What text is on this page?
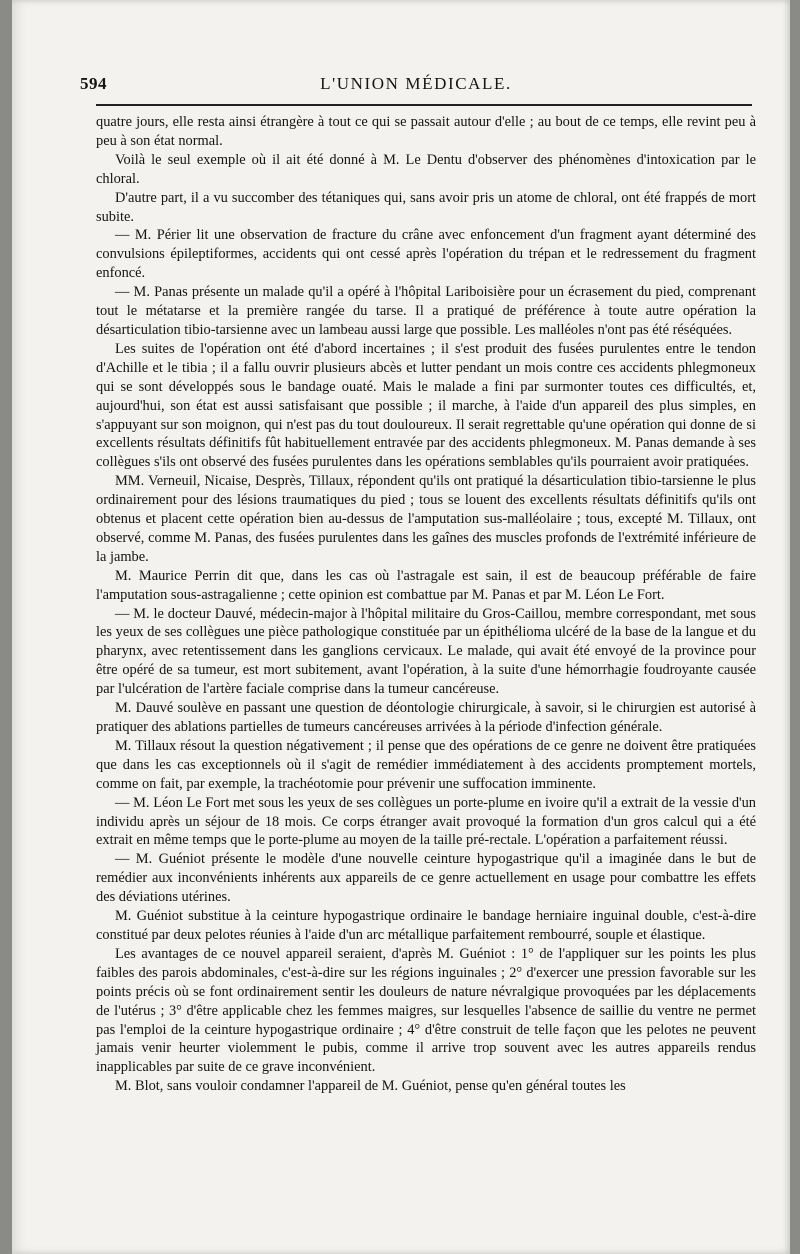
594	L'UNION MÉDICALE.

quatre jours, elle resta ainsi étrangère à tout ce qui se passait autour d'elle ; au bout de ce temps, elle revint peu à peu à son état normal.

Voilà le seul exemple où il ait été donné à M. Le Dentu d'observer des phénomènes d'intoxication par le chloral.

D'autre part, il a vu succomber des tétaniques qui, sans avoir pris un atome de chloral, ont été frappés de mort subite.

— M. Périer lit une observation de fracture du crâne avec enfoncement d'un fragment ayant déterminé des convulsions épileptiformes, accidents qui ont cessé après l'opération du trépan et le redressement du fragment enfoncé.

— M. Panas présente un malade qu'il a opéré à l'hôpital Lariboisière pour un écrasement du pied, comprenant tout le métatarse et la première rangée du tarse. Il a pratiqué de préférence à toute autre opération la désarticulation tibio-tarsienne avec un lambeau aussi large que possible. Les malléoles n'ont pas été réséquées.

Les suites de l'opération ont été d'abord incertaines ; il s'est produit des fusées purulentes entre le tendon d'Achille et le tibia ; il a fallu ouvrir plusieurs abcès et lutter pendant un mois contre ces accidents phlegmoneux qui se sont développés sous le bandage ouaté. Mais le malade a fini par surmonter toutes ces difficultés, et, aujourd'hui, son état est aussi satisfaisant que possible ; il marche, à l'aide d'un appareil des plus simples, en s'appuyant sur son moignon, qui n'est pas du tout douloureux. Il serait regrettable qu'une opération qui donne de si excellents résultats définitifs fût habituellement entravée par des accidents phlegmoneux. M. Panas demande à ses collègues s'ils ont observé des fusées purulentes dans les opérations semblables qu'ils pourraient avoir pratiquées.

MM. Verneuil, Nicaise, Desprès, Tillaux, répondent qu'ils ont pratiqué la désarticulation tibio-tarsienne le plus ordinairement pour des lésions traumatiques du pied ; tous se louent des excellents résultats définitifs qu'ils ont obtenus et placent cette opération bien au-dessus de l'amputation sus-malléolaire ; tous, excepté M. Tillaux, ont observé, comme M. Panas, des fusées purulentes dans les gaînes des muscles profonds de l'extrémité inférieure de la jambe.

M. Maurice Perrin dit que, dans les cas où l'astragale est sain, il est de beaucoup préférable de faire l'amputation sous-astragalienne ; cette opinion est combattue par M. Panas et par M. Léon Le Fort.

— M. le docteur Dauvé, médecin-major à l'hôpital militaire du Gros-Caillou, membre correspondant, met sous les yeux de ses collègues une pièce pathologique constituée par un épithélioma ulcéré de la base de la langue et du pharynx, avec retentissement dans les ganglions cervicaux. Le malade, qui avait été envoyé de la province pour être opéré de sa tumeur, est mort subitement, avant l'opération, à la suite d'une hémorrhagie foudroyante causée par l'ulcération de l'artère faciale comprise dans la tumeur cancéreuse.

M. Dauvé soulève en passant une question de déontologie chirurgicale, à savoir, si le chirurgien est autorisé à pratiquer des ablations partielles de tumeurs cancéreuses arrivées à la période d'infection générale.

M. Tillaux résout la question négativement ; il pense que des opérations de ce genre ne doivent être pratiquées que dans les cas exceptionnels où il s'agit de remédier immédiatement à des accidents promptement mortels, comme on fait, par exemple, la trachéotomie pour prévenir une suffocation imminente.

— M. Léon Le Fort met sous les yeux de ses collègues un porte-plume en ivoire qu'il a extrait de la vessie d'un individu après un séjour de 18 mois. Ce corps étranger avait provoqué la formation d'un gros calcul qui a été extrait en même temps que le porte-plume au moyen de la taille pré-rectale. L'opération a parfaitement réussi.

— M. Guéniot présente le modèle d'une nouvelle ceinture hypogastrique qu'il a imaginée dans le but de remédier aux inconvénients inhérents aux appareils de ce genre actuellement en usage pour combattre les effets des déviations utérines.

M. Guéniot substitue à la ceinture hypogastrique ordinaire le bandage herniaire inguinal double, c'est-à-dire constitué par deux pelotes réunies à l'aide d'un arc métallique parfaitement rembourré, souple et élastique.

Les avantages de ce nouvel appareil seraient, d'après M. Guéniot : 1° de l'appliquer sur les points les plus faibles des parois abdominales, c'est-à-dire sur les régions inguinales ; 2° d'exercer une pression favorable sur les points précis où se font ordinairement sentir les douleurs de nature névralgique provoquées par les déplacements de l'utérus ; 3° d'être applicable chez les femmes maigres, sur lesquelles l'absence de saillie du ventre ne permet pas l'emploi de la ceinture hypogastrique ordinaire ; 4° d'être construit de telle façon que les pelotes ne peuvent jamais venir heurter violemment le pubis, comme il arrive trop souvent avec les autres appareils rendus inapplicables par suite de ce grave inconvénient.

M. Blot, sans vouloir condamner l'appareil de M. Guéniot, pense qu'en général toutes les
